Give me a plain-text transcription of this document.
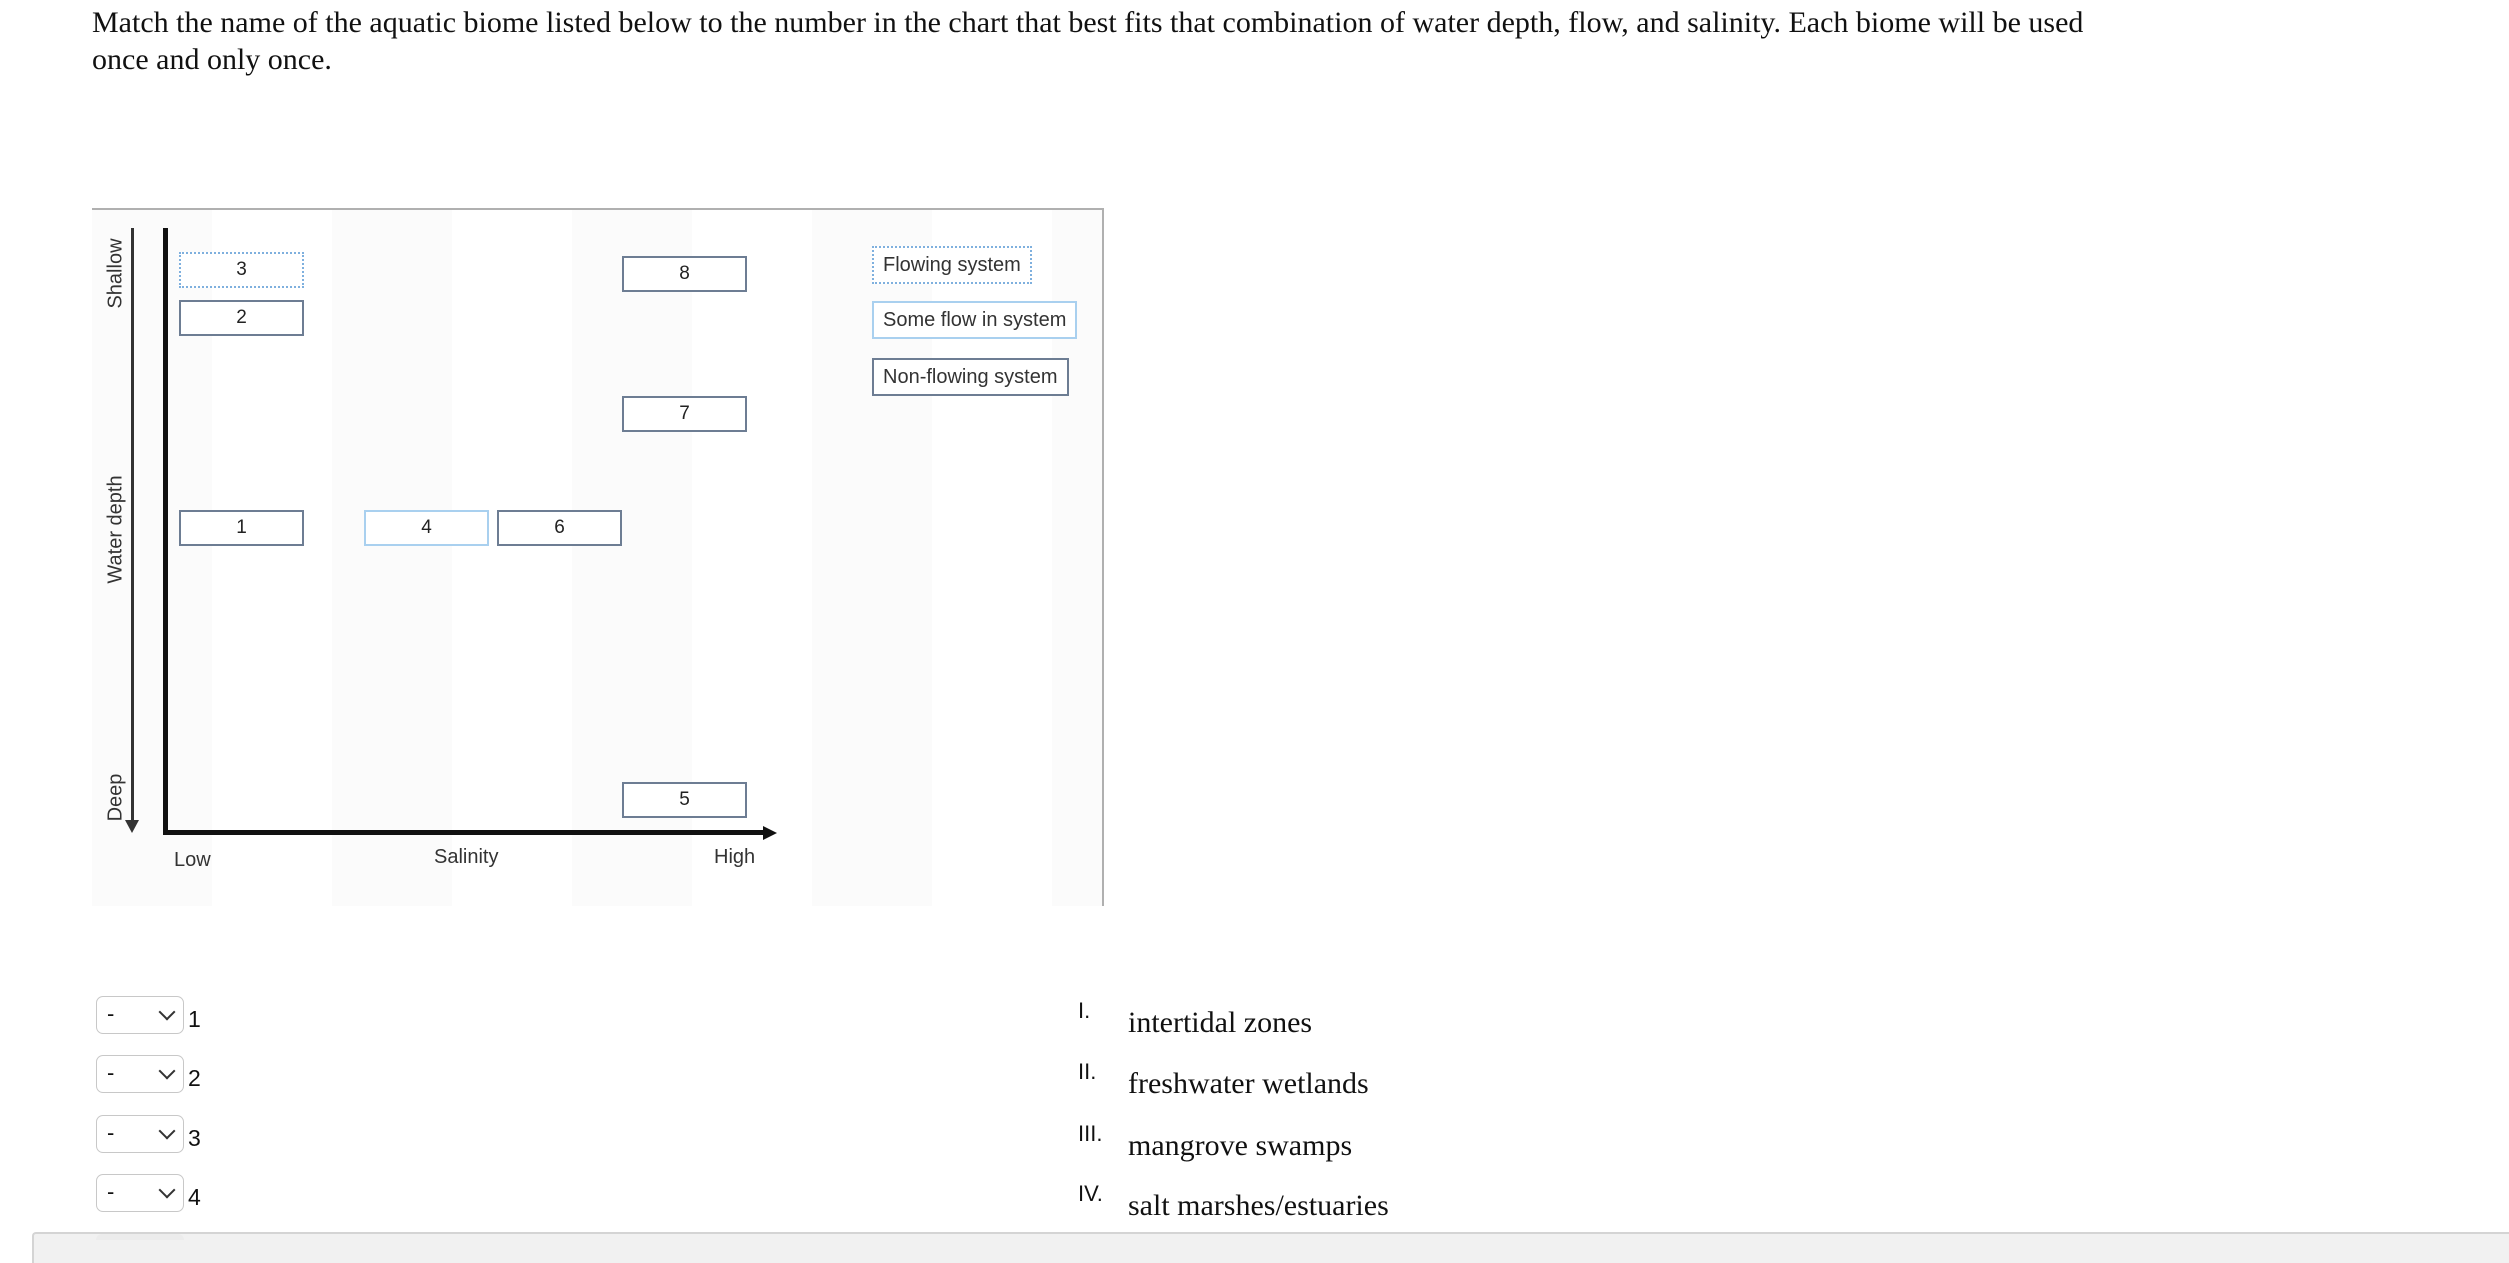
Match the name of the aquatic biome listed below to the number in the chart that best fits that combination of water depth, flow, and salinity. Each biome will be used once and only once.
Shallow
Water depth
Deep
Low	Salinity	High
3
2
8
7
1	4	6
5
Flowing system
Some flow in system
Non-flowing system
-	1
-	2
-	3
-	4
I. intertidal zones
II. freshwater wetlands
III. mangrove swamps
IV. salt marshes/estuaries
